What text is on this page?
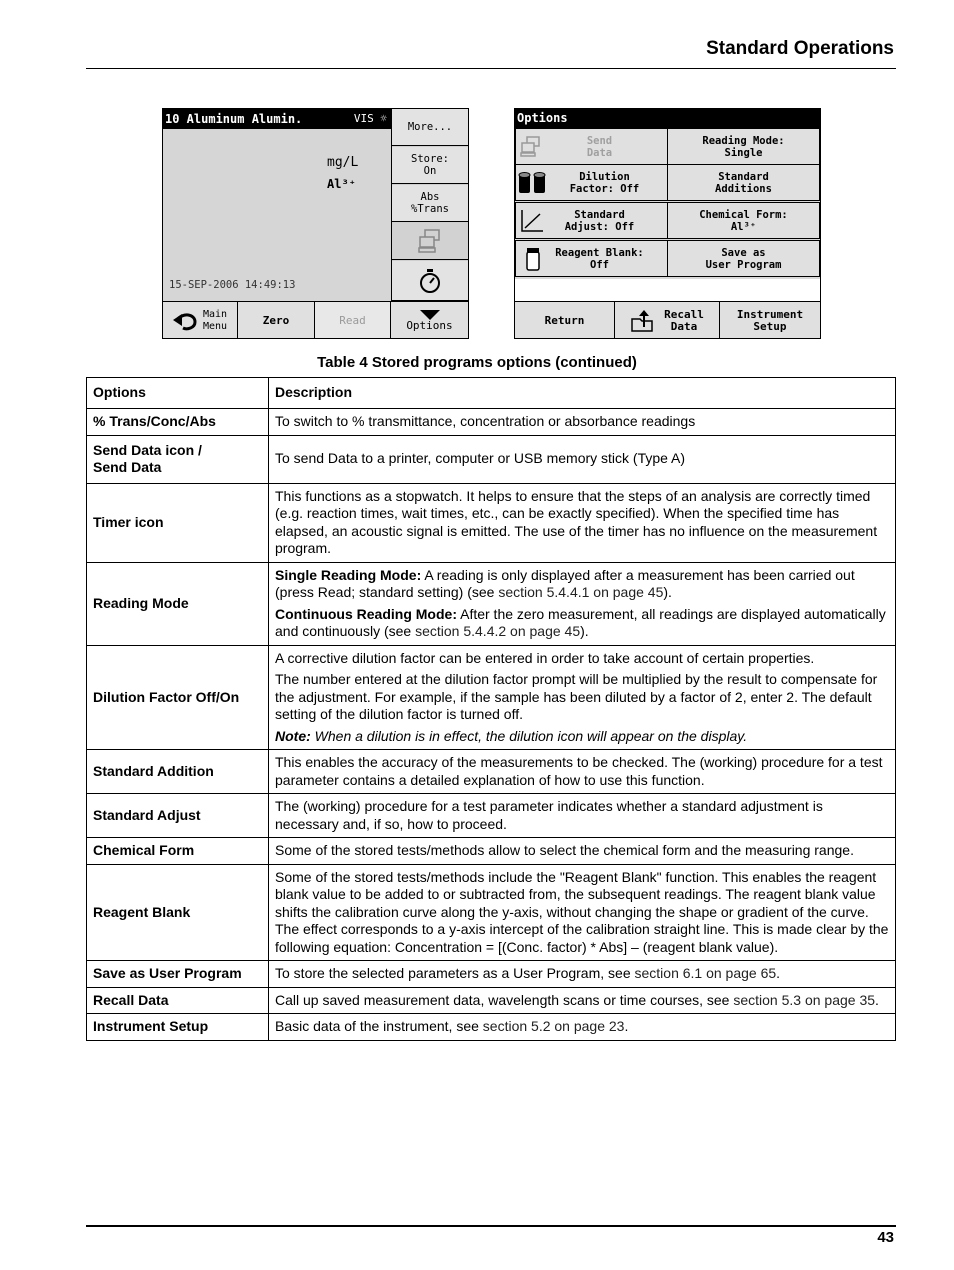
Standard Operations
10 Aluminum Alumin.	VIS ☼
mg/L
Al³⁺
15-SEP-2006 14:49:13
More...
Store:
On
Abs
%Trans
Main
Menu	Zero	Read	Options
Options
Send
Data
Reading Mode:
Single
Dilution
Factor: Off
Standard
Additions
Standard
Adjust: Off
Chemical Form:
Al³⁺
Reagent Blank:
Off
Save as
User Program
Return	Recall
Data
Instrument
Setup
Table 4 Stored programs options (continued)
Options	Description
% Trans/Conc/Abs	To switch to % transmittance, concentration or absorbance readings
Send Data icon /
Send Data	To send Data to a printer, computer or USB memory stick (Type A)
Timer icon	This functions as a stopwatch. It helps to ensure that the steps of an analysis are correctly timed (e.g. reaction times, wait times, etc., can be exactly specified). When the specified time has elapsed, an acoustic signal is emitted. The use of the timer has no influence on the measurement program.
Reading Mode	Single Reading Mode: A reading is only displayed after a measurement has been carried out (press Read; standard setting) (see section 5.4.4.1 on page 45).
Continuous Reading Mode: After the zero measurement, all readings are displayed automatically and continuously (see section 5.4.4.2 on page 45).

Dilution Factor Off/On	A corrective dilution factor can be entered in order to take account of certain properties.
The number entered at the dilution factor prompt will be multiplied by the result to compensate for the adjustment. For example, if the sample has been diluted by a factor of 2, enter 2. The default setting of the dilution factor is turned off.
Note: When a dilution is in effect, the dilution icon will appear on the display.

Standard Addition	This enables the accuracy of the measurements to be checked. The (working) procedure for a test parameter contains a detailed explanation of how to use this function.
Standard Adjust	The (working) procedure for a test parameter indicates whether a standard adjustment is necessary and, if so, how to proceed.
Chemical Form	Some of the stored tests/methods allow to select the chemical form and the measuring range.
Reagent Blank	Some of the stored tests/methods include the "Reagent Blank" function. This enables the reagent blank value to be added to or subtracted from, the subsequent readings. The reagent blank value shifts the calibration curve along the y-axis, without changing the shape or gradient of the curve. The effect corresponds to a y-axis intercept of the calibration straight line. This is made clear by the following equation: Concentration = [(Conc. factor) * Abs] – (reagent blank value).
Save as User Program	To store the selected parameters as a User Program, see section 6.1 on page 65.
Recall Data	Call up saved measurement data, wavelength scans or time courses, see section 5.3 on page 35.
Instrument Setup	Basic data of the instrument, see section 5.2 on page 23.
43
